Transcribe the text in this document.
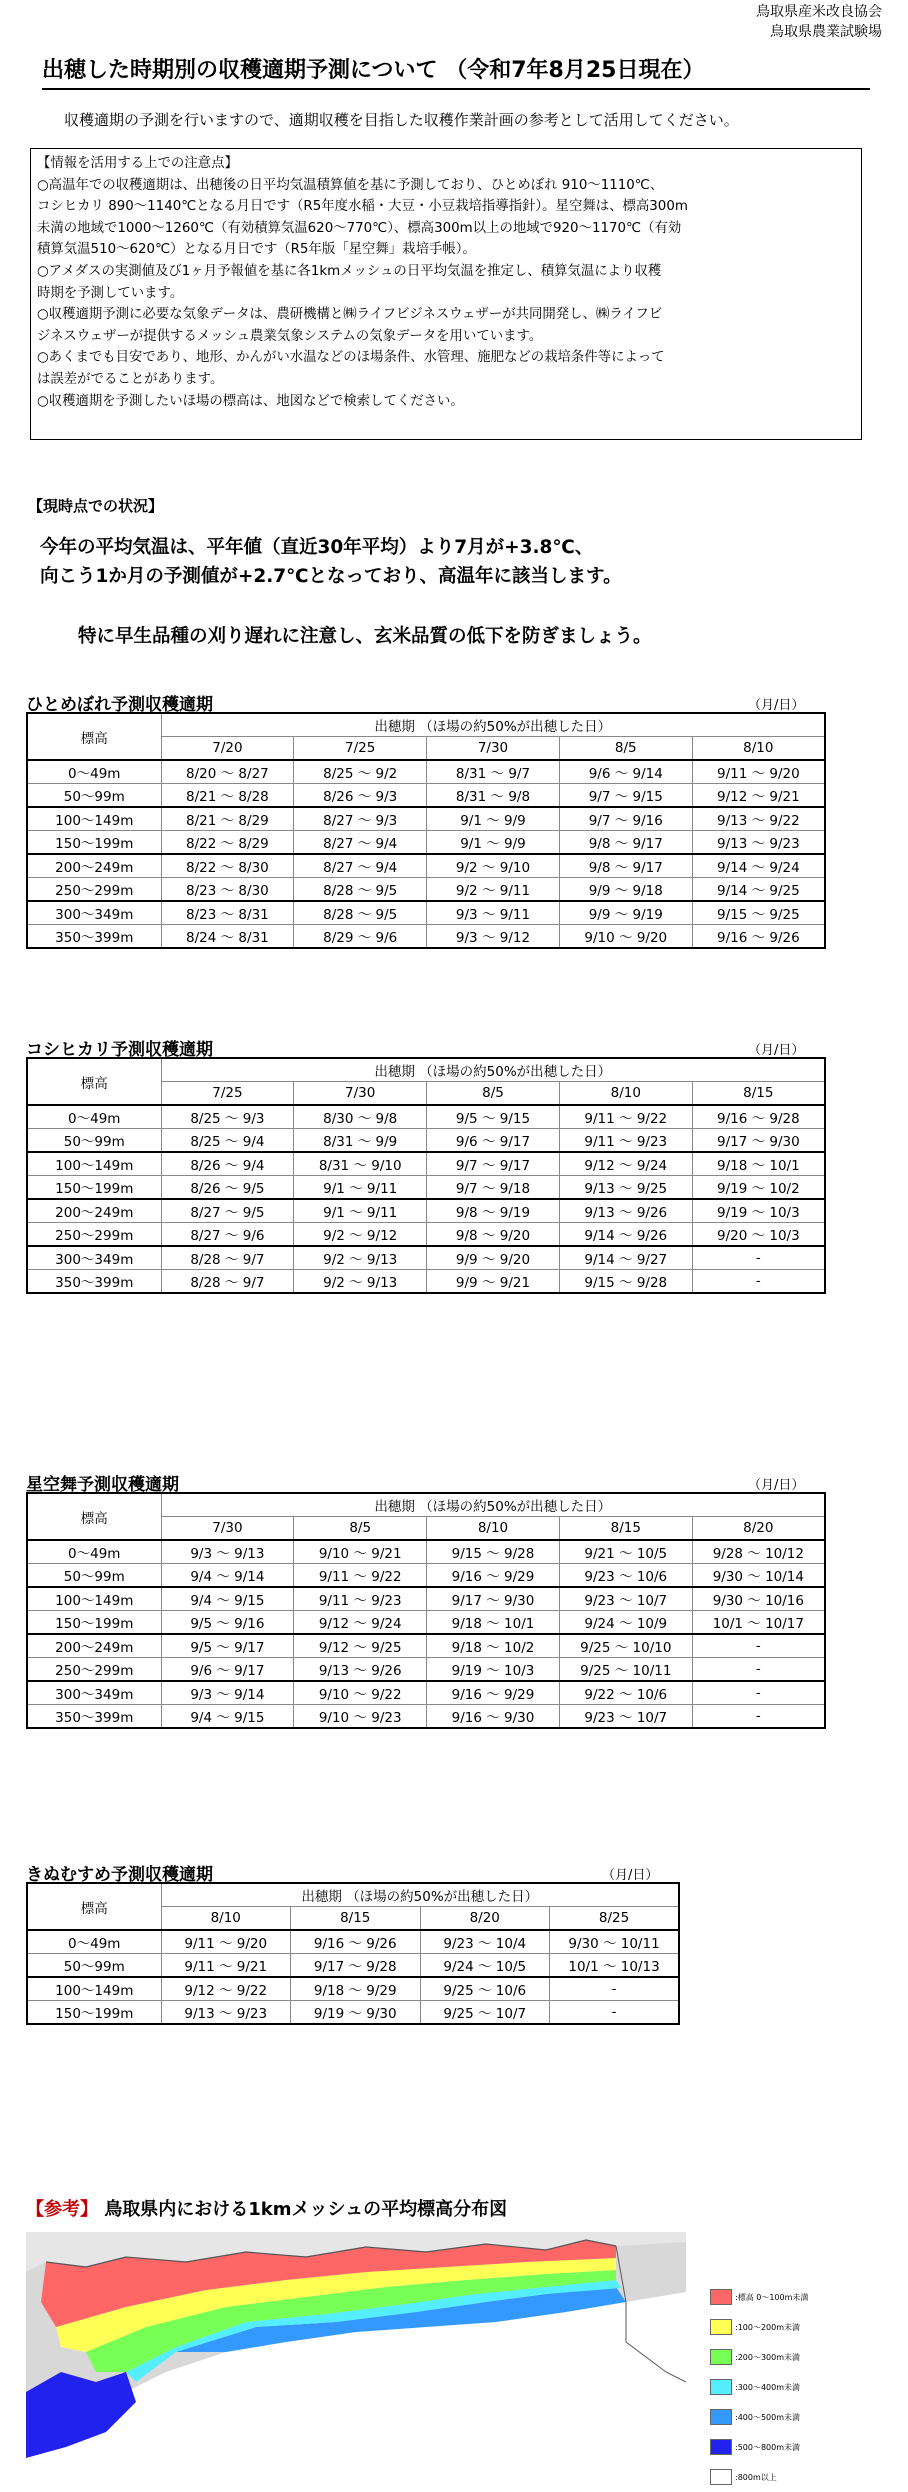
鳥取県産米改良協会
鳥取県農業試験場
出穂した時期別の収穫適期予測について （令和7年8月25日現在）
収穫適期の予測を行いますので、適期収穫を目指した収穫作業計画の参考として活用してください。
【情報を活用する上での注意点】
○高温年での収穫適期は、出穂後の日平均気温積算値を基に予測しており、ひとめぼれ 910～1110℃、
コシヒカリ 890～1140℃となる月日です（R5年度水稲・大豆・小豆栽培指導指針）。星空舞は、標高300m
未満の地域で1000～1260℃（有効積算気温620～770℃）、標高300m以上の地域で920～1170℃（有効
積算気温510～620℃）となる月日です（R5年版「星空舞」栽培手帳）。
○アメダスの実測値及び1ヶ月予報値を基に各1kmメッシュの日平均気温を推定し、積算気温により収穫
時期を予測しています。
○収穫適期予測に必要な気象データは、農研機構と㈱ライフビジネスウェザーが共同開発し、㈱ライフビ
ジネスウェザーが提供するメッシュ農業気象システムの気象データを用いています。
○あくまでも目安であり、地形、かんがい水温などのほ場条件、水管理、施肥などの栽培条件等によって
は誤差がでることがあります。
○収穫適期を予測したいほ場の標高は、地図などで検索してください。
【現時点での状況】
今年の平均気温は、平年値（直近30年平均）より7月が+3.8℃、
向こう1か月の予測値が+2.7℃となっており、高温年に該当します。
特に早生品種の刈り遅れに注意し、玄米品質の低下を防ぎましょう。
ひとめぼれ予測収穫適期	（月/日）
標高	出穂期 （ほ場の約50%が出穂した日）				
	7/20	7/25	7/30	8/5	8/10
0～49m	8/20 ～ 8/27	8/25 ～ 9/2	8/31 ～ 9/7	9/6 ～ 9/14	9/11 ～ 9/20
50～99m	8/21 ～ 8/28	8/26 ～ 9/3	8/31 ～ 9/8	9/7 ～ 9/15	9/12 ～ 9/21
100～149m	8/21 ～ 8/29	8/27 ～ 9/3	9/1 ～ 9/9	9/7 ～ 9/16	9/13 ～ 9/22
150～199m	8/22 ～ 8/29	8/27 ～ 9/4	9/1 ～ 9/9	9/8 ～ 9/17	9/13 ～ 9/23
200～249m	8/22 ～ 8/30	8/27 ～ 9/4	9/2 ～ 9/10	9/8 ～ 9/17	9/14 ～ 9/24
250～299m	8/23 ～ 8/30	8/28 ～ 9/5	9/2 ～ 9/11	9/9 ～ 9/18	9/14 ～ 9/25
300～349m	8/23 ～ 8/31	8/28 ～ 9/5	9/3 ～ 9/11	9/9 ～ 9/19	9/15 ～ 9/25
350～399m	8/24 ～ 8/31	8/29 ～ 9/6	9/3 ～ 9/12	9/10 ～ 9/20	9/16 ～ 9/26
コシヒカリ予測収穫適期	（月/日）
標高	出穂期 （ほ場の約50%が出穂した日）				
	7/25	7/30	8/5	8/10	8/15
0～49m	8/25 ～ 9/3	8/30 ～ 9/8	9/5 ～ 9/15	9/11 ～ 9/22	9/16 ～ 9/28
50～99m	8/25 ～ 9/4	8/31 ～ 9/9	9/6 ～ 9/17	9/11 ～ 9/23	9/17 ～ 9/30
100～149m	8/26 ～ 9/4	8/31 ～ 9/10	9/7 ～ 9/17	9/12 ～ 9/24	9/18 ～ 10/1
150～199m	8/26 ～ 9/5	9/1 ～ 9/11	9/7 ～ 9/18	9/13 ～ 9/25	9/19 ～ 10/2
200～249m	8/27 ～ 9/5	9/1 ～ 9/11	9/8 ～ 9/19	9/13 ～ 9/26	9/19 ～ 10/3
250～299m	8/27 ～ 9/6	9/2 ～ 9/12	9/8 ～ 9/20	9/14 ～ 9/26	9/20 ～ 10/3
300～349m	8/28 ～ 9/7	9/2 ～ 9/13	9/9 ～ 9/20	9/14 ～ 9/27	-
350～399m	8/28 ～ 9/7	9/2 ～ 9/13	9/9 ～ 9/21	9/15 ～ 9/28	-
星空舞予測収穫適期	（月/日）
標高	出穂期 （ほ場の約50%が出穂した日）				
	7/30	8/5	8/10	8/15	8/20
0～49m	9/3 ～ 9/13	9/10 ～ 9/21	9/15 ～ 9/28	9/21 ～ 10/5	9/28 ～ 10/12
50～99m	9/4 ～ 9/14	9/11 ～ 9/22	9/16 ～ 9/29	9/23 ～ 10/6	9/30 ～ 10/14
100～149m	9/4 ～ 9/15	9/11 ～ 9/23	9/17 ～ 9/30	9/23 ～ 10/7	9/30 ～ 10/16
150～199m	9/5 ～ 9/16	9/12 ～ 9/24	9/18 ～ 10/1	9/24 ～ 10/9	10/1 ～ 10/17
200～249m	9/5 ～ 9/17	9/12 ～ 9/25	9/18 ～ 10/2	9/25 ～ 10/10	-
250～299m	9/6 ～ 9/17	9/13 ～ 9/26	9/19 ～ 10/3	9/25 ～ 10/11	-
300～349m	9/3 ～ 9/14	9/10 ～ 9/22	9/16 ～ 9/29	9/22 ～ 10/6	-
350～399m	9/4 ～ 9/15	9/10 ～ 9/23	9/16 ～ 9/30	9/23 ～ 10/7	-
きぬむすめ予測収穫適期	（月/日）
標高	出穂期 （ほ場の約50%が出穂した日）			
	8/10	8/15	8/20	8/25
0～49m	9/11 ～ 9/20	9/16 ～ 9/26	9/23 ～ 10/4	9/30 ～ 10/11
50～99m	9/11 ～ 9/21	9/17 ～ 9/28	9/24 ～ 10/5	10/1 ～ 10/13
100～149m	9/12 ～ 9/22	9/18 ～ 9/29	9/25 ～ 10/6	-
150～199m	9/13 ～ 9/23	9/19 ～ 9/30	9/25 ～ 10/7	-
【参考】 鳥取県内における1kmメッシュの平均標高分布図
:標高 0～100m未満
:100～200m未満
:200～300m未満
:300～400m未満
:400～500m未満
:500～800m未満
:800m以上
